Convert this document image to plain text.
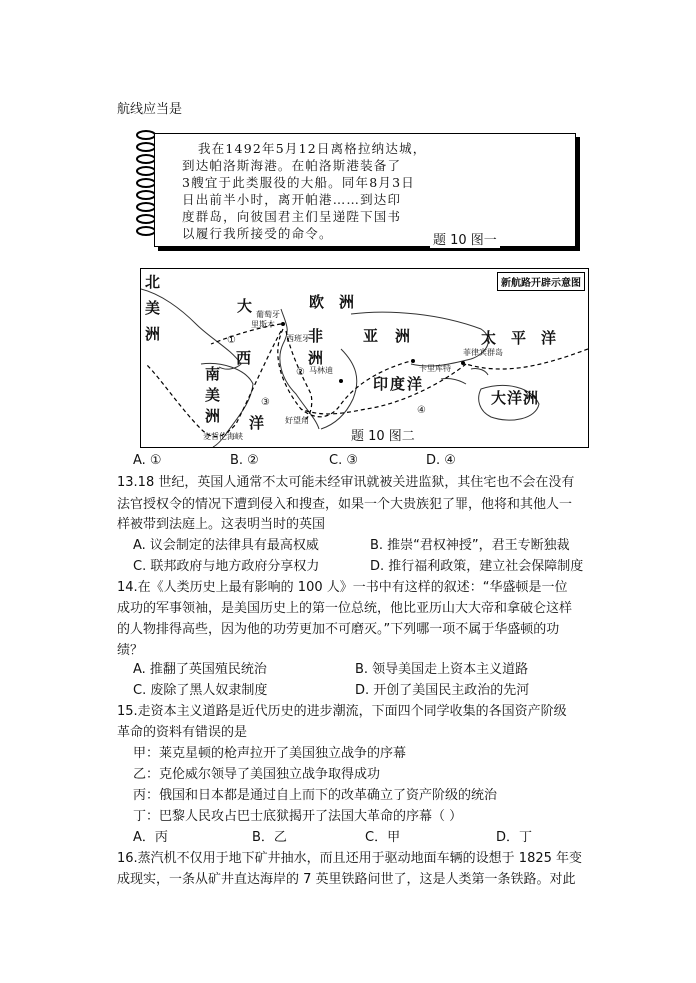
航线应当是
我在1492年5月12日离格拉纳达城，
到达帕洛斯海港。在帕洛斯港装备了
3艘宜于此类服役的大船。同年8月3日
日出前半小时，离开帕港……到达印
度群岛，向彼国君主们呈递陛下国书
以履行我所接受的命令。	题 10 图一
新航路开辟示意图
北
美
洲
大	欧 洲
亚 洲
非
洲
西
南
美
洲 洋
印度洋
太 平 洋
大洋洲
葡萄牙
里斯本
西班牙
马林迪	卡里库特
菲律宾群岛
好望角
麦哲伦海峡
①
②
③
④
题 10 图二
A. ①	B. ②	C. ③	D. ④
13.18 世纪，英国人通常不太可能未经审讯就被关进监狱，其住宅也不会在没有
法官授权令的情况下遭到侵入和搜查，如果一个大贵族犯了罪，他将和其他人一
样被带到法庭上。这表明当时的英国
A. 议会制定的法律具有最高权威	B. 推崇“君权神授”，君王专断独裁
C. 联邦政府与地方政府分享权力	D. 推行福利政策，建立社会保障制度
14.在《人类历史上最有影响的 100 人》一书中有这样的叙述：“华盛顿是一位
成功的军事领袖，是美国历史上的第一位总统，他比亚历山大大帝和拿破仑这样
的人物排得高些，因为他的功劳更加不可磨灭。”下列哪一项不属于华盛顿的功
绩？
A. 推翻了英国殖民统治	B. 领导美国走上资本主义道路
C. 废除了黑人奴隶制度	D. 开创了美国民主政治的先河
15.走资本主义道路是近代历史的进步潮流，下面四个同学收集的各国资产阶级
革命的资料有错误的是
甲：莱克星顿的枪声拉开了美国独立战争的序幕
乙：克伦威尔领导了美国独立战争取得成功
丙：俄国和日本都是通过自上而下的改革确立了资产阶级的统治
丁：巴黎人民攻占巴士底狱揭开了法国大革命的序幕（ ）
A．丙	B．乙	C．甲	D．丁
16.蒸汽机不仅用于地下矿井抽水，而且还用于驱动地面车辆的设想于 1825 年变
成现实，一条从矿井直达海岸的 7 英里铁路问世了，这是人类第一条铁路。对此
